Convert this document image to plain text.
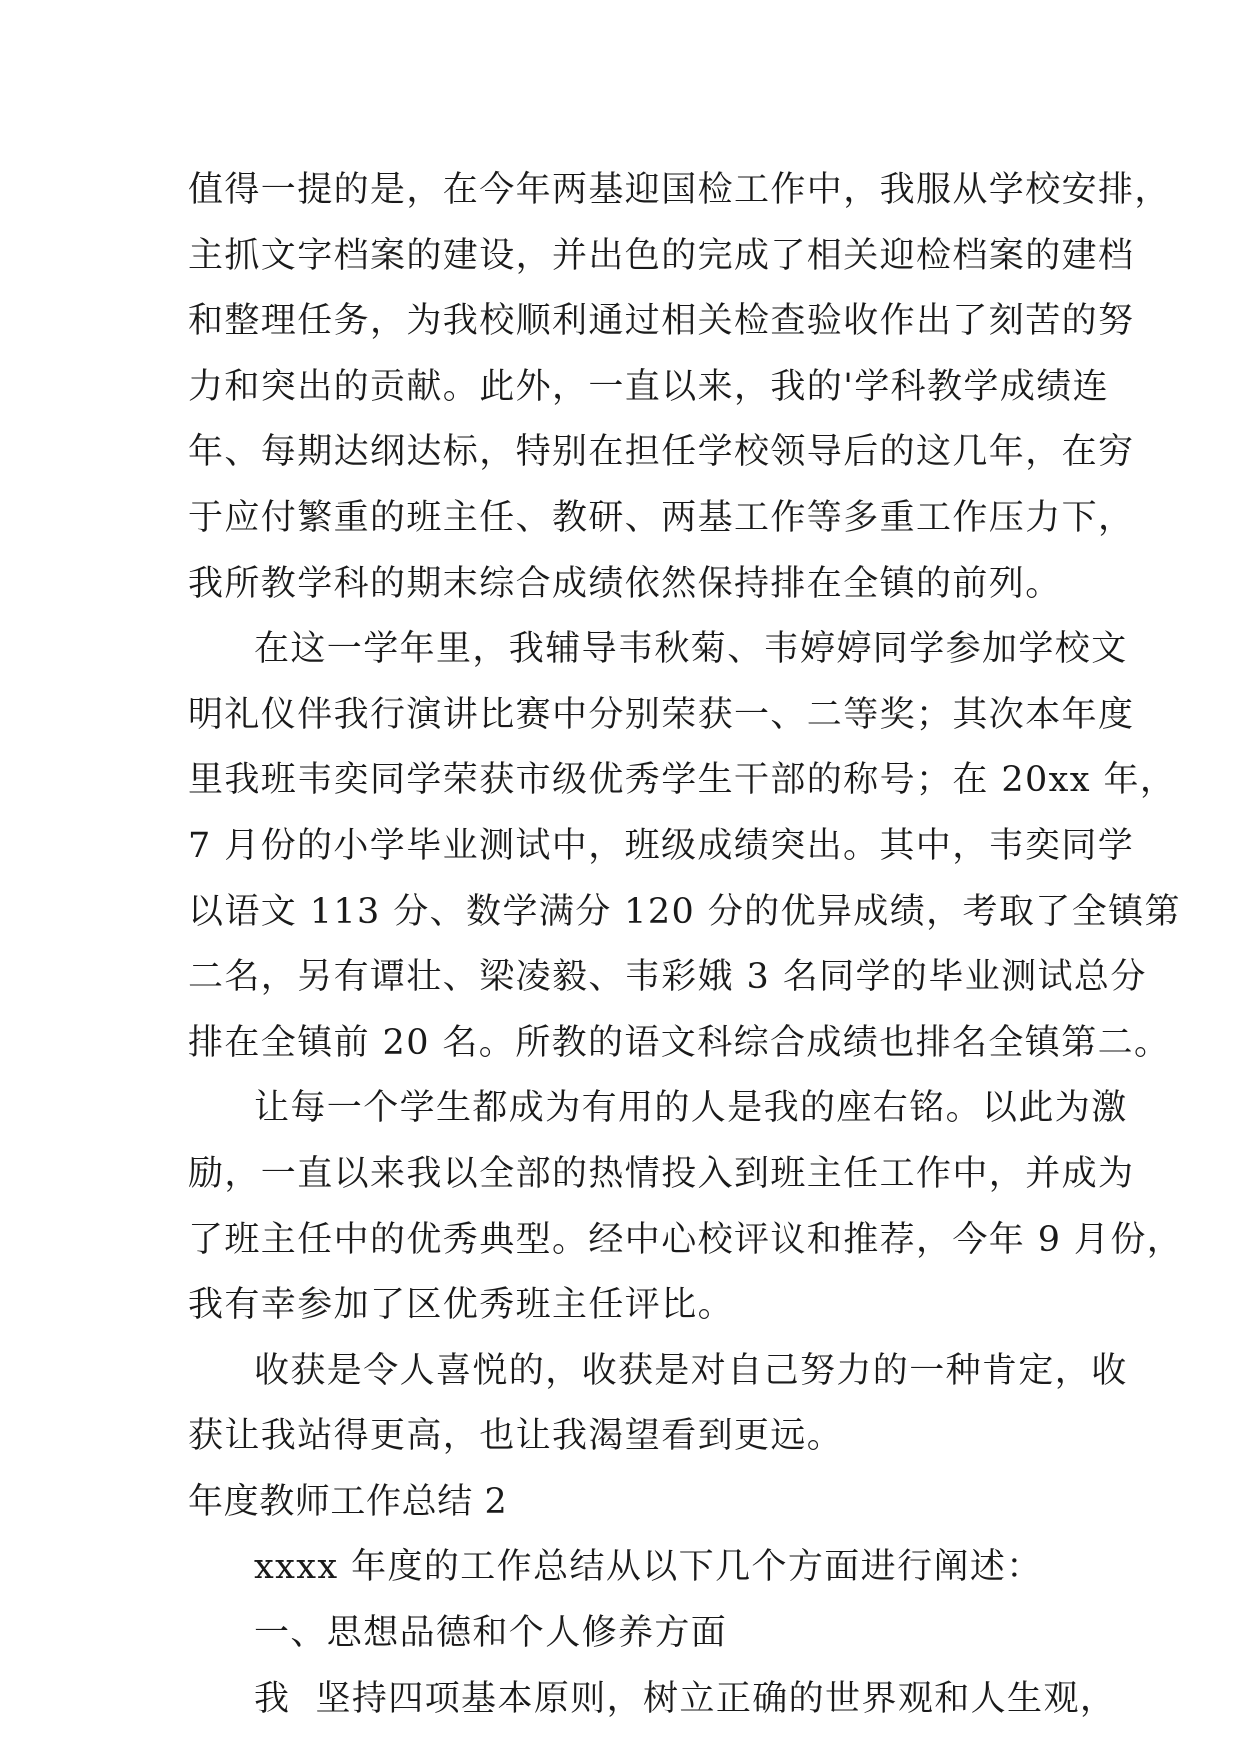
值得一提的是，在今年两基迎国检工作中，我服从学校安排，
主抓文字档案的建设，并出色的完成了相关迎检档案的建档
和整理任务，为我校顺利通过相关检查验收作出了刻苦的努
力和突出的贡献。此外，一直以来，我的'学科教学成绩连
年、每期达纲达标，特别在担任学校领导后的这几年，在穷
于应付繁重的班主任、教研、两基工作等多重工作压力下，
我所教学科的期末综合成绩依然保持排在全镇的前列。
在这一学年里，我辅导韦秋菊、韦婷婷同学参加学校文
明礼仪伴我行演讲比赛中分别荣获一、二等奖；其次本年度
里我班韦奕同学荣获市级优秀学生干部的称号；在 20xx 年，
7 月份的小学毕业测试中，班级成绩突出。其中，韦奕同学
以语文 113 分、数学满分 120 分的优异成绩，考取了全镇第
二名，另有谭壮、梁凌毅、韦彩娥 3 名同学的毕业测试总分
排在全镇前 20 名。所教的语文科综合成绩也排名全镇第二。
让每一个学生都成为有用的人是我的座右铭。以此为激
励，一直以来我以全部的热情投入到班主任工作中，并成为
了班主任中的优秀典型。经中心校评议和推荐，今年 9 月份，
我有幸参加了区优秀班主任评比。
收获是令人喜悦的，收获是对自己努力的一种肯定，收
获让我站得更高，也让我渴望看到更远。
年度教师工作总结 2
xxxx 年度的工作总结从以下几个方面进行阐述：
一、思想品德和个人修养方面
我  坚持四项基本原则，树立正确的世界观和人生观，
